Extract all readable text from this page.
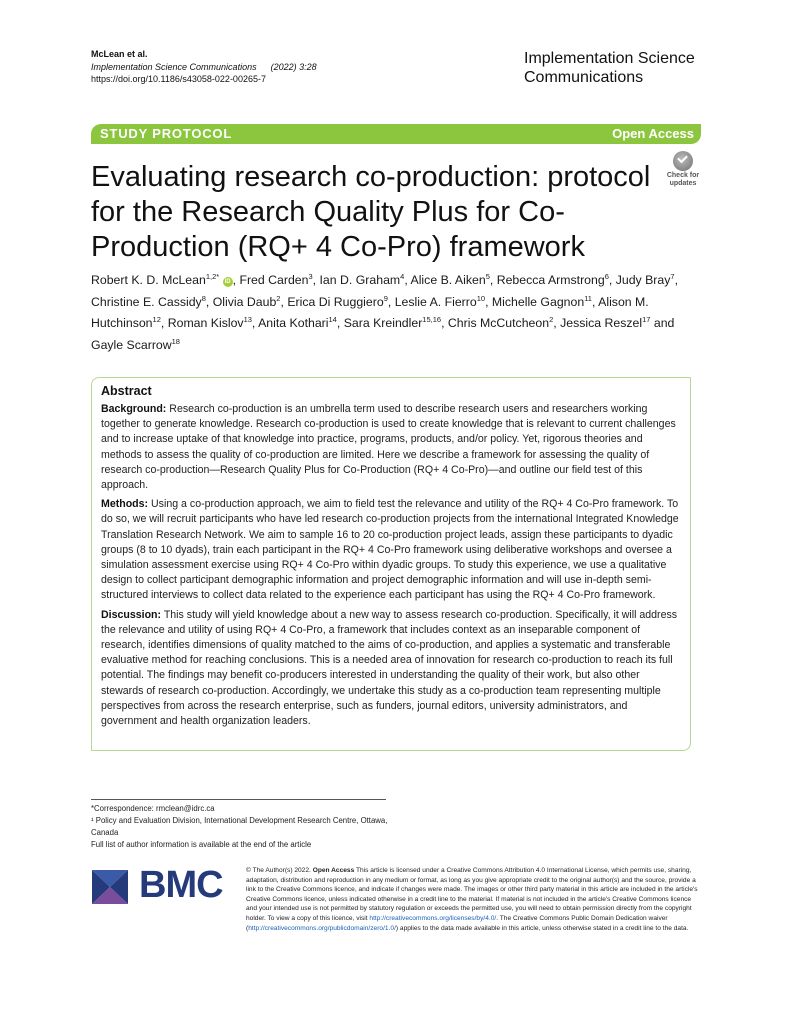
McLean et al.
Implementation Science Communications (2022) 3:28
https://doi.org/10.1186/s43058-022-00265-7
Implementation Science
Communications
STUDY PROTOCOL	Open Access
Evaluating research co-production: protocol for the Research Quality Plus for Co-Production (RQ+ 4 Co-Pro) framework
Check for
updates
Robert K. D. McLean$^{1,2*}$ iD , Fred Carden$^3$, Ian D. Graham$^4$, Alice B. Aiken$^5$, Rebecca Armstrong$^6$, Judy Bray$^7$, Christine E. Cassidy$^8$, Olivia Daub$^2$, Erica Di Ruggiero$^9$, Leslie A. Fierro$^{10}$, Michelle Gagnon$^{11}$, Alison M. Hutchinson$^{12}$, Roman Kislov$^{13}$, Anita Kothari$^{14}$, Sara Kreindler$^{15,16}$, Chris McCutcheon$^2$, Jessica Reszel$^{17}$ and Gayle Scarrow$^{18}$
Abstract

Background: Research co-production is an umbrella term used to describe research users and researchers working together to generate knowledge. Research co-production is used to create knowledge that is relevant to current challenges and to increase uptake of that knowledge into practice, programs, products, and/or policy. Yet, rigorous theories and methods to assess the quality of co-production are limited. Here we describe a framework for assessing the quality of research co-production—Research Quality Plus for Co-Production (RQ+ 4 Co-Pro)—and outline our field test of this approach.

Methods: Using a co-production approach, we aim to field test the relevance and utility of the RQ+ 4 Co-Pro framework. To do so, we will recruit participants who have led research co-production projects from the international Integrated Knowledge Translation Research Network. We aim to sample 16 to 20 co-production project leads, assign these participants to dyadic groups (8 to 10 dyads), train each participant in the RQ+ 4 Co-Pro framework using deliberative workshops and oversee a simulation assessment exercise using RQ+ 4 Co-Pro within dyadic groups. To study this experience, we use a qualitative design to collect participant demographic information and project demographic information and will use in-depth semi-structured interviews to collect data related to the experience each participant has using the RQ+ 4 Co-Pro framework.

Discussion: This study will yield knowledge about a new way to assess research co-production. Specifically, it will address the relevance and utility of using RQ+ 4 Co-Pro, a framework that includes context as an inseparable component of research, identifies dimensions of quality matched to the aims of co-production, and applies a systematic and transferable evaluative method for reaching conclusions. This is a needed area of innovation for research co-production to reach its full potential. The findings may benefit co-producers interested in understanding the quality of their work, but also other stewards of research co-production. Accordingly, we undertake this study as a co-production team representing multiple perspectives from across the research enterprise, such as funders, journal editors, university administrators, and government and health organization leaders.

*Correspondence: rmclean@idrc.ca
¹ Policy and Evaluation Division, International Development Research Centre, Ottawa, Canada
Full list of author information is available at the end of the article
BMC	© The Author(s) 2022. Open Access This article is licensed under a Creative Commons Attribution 4.0 International License, which permits use, sharing, adaptation, distribution and reproduction in any medium or format, as long as you give appropriate credit to the original author(s) and the source, provide a link to the Creative Commons licence, and indicate if changes were made. The images or other third party material in this article are included in the article's Creative Commons licence, unless indicated otherwise in a credit line to the material. If material is not included in the article's Creative Commons licence and your intended use is not permitted by statutory regulation or exceeds the permitted use, you will need to obtain permission directly from the copyright holder. To view a copy of this licence, visit http://creativecommons.org/licenses/by/4.0/. The Creative Commons Public Domain Dedication waiver (http://creativecommons.org/publicdomain/zero/1.0/) applies to the data made available in this article, unless otherwise stated in a credit line to the data.
